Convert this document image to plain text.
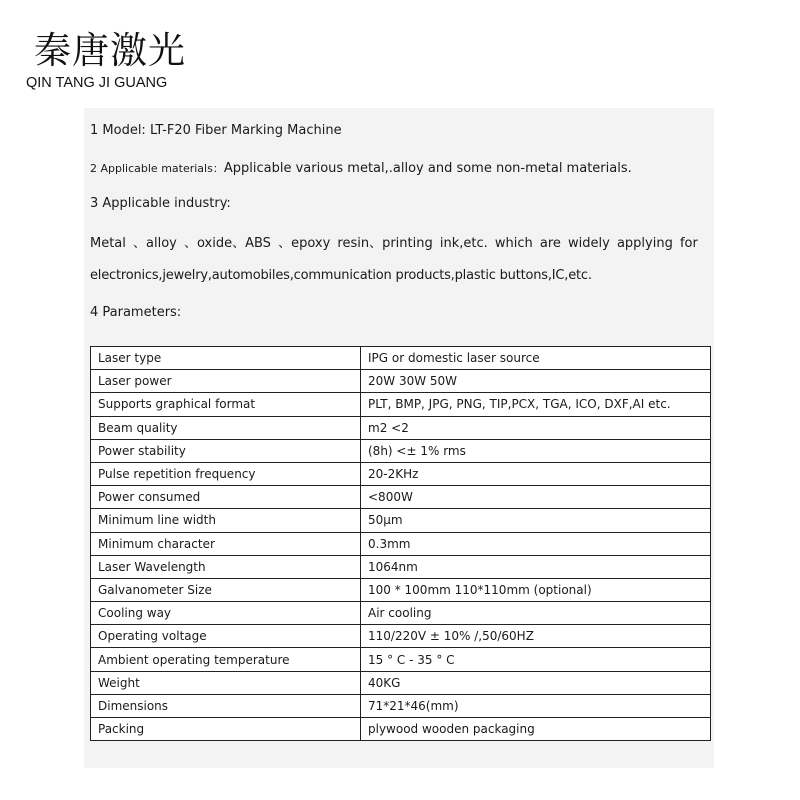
秦唐激光
QIN TANG JI GUANG
1 Model: LT-F20 Fiber Marking Machine
2 Applicable materials：Applicable various metal,.alloy and some non-metal materials.
3 Applicable industry:
Metal 、alloy 、oxide、ABS 、epoxy resin、printing ink,etc. which are widely applying for
electronics,jewelry,automobiles,communication products,plastic buttons,IC,etc.
4 Parameters:
Laser type	IPG or domestic laser source
Laser power	20W 30W 50W
Supports graphical format	PLT, BMP, JPG, PNG, TIP,PCX, TGA, ICO, DXF,AI etc.
Beam quality	m2 <2
Power stability	(8h) <± 1% rms
Pulse repetition frequency	20-2KHz
Power consumed	<800W
Minimum line width	50μm
Minimum character	0.3mm
Laser Wavelength	1064nm
Galvanometer Size	100 * 100mm 110*110mm (optional)
Cooling way	Air cooling
Operating voltage	110/220V ± 10% /,50/60HZ
Ambient operating temperature	15 ° C - 35 ° C
Weight	40KG
Dimensions	71*21*46(mm)
Packing	plywood wooden packaging
